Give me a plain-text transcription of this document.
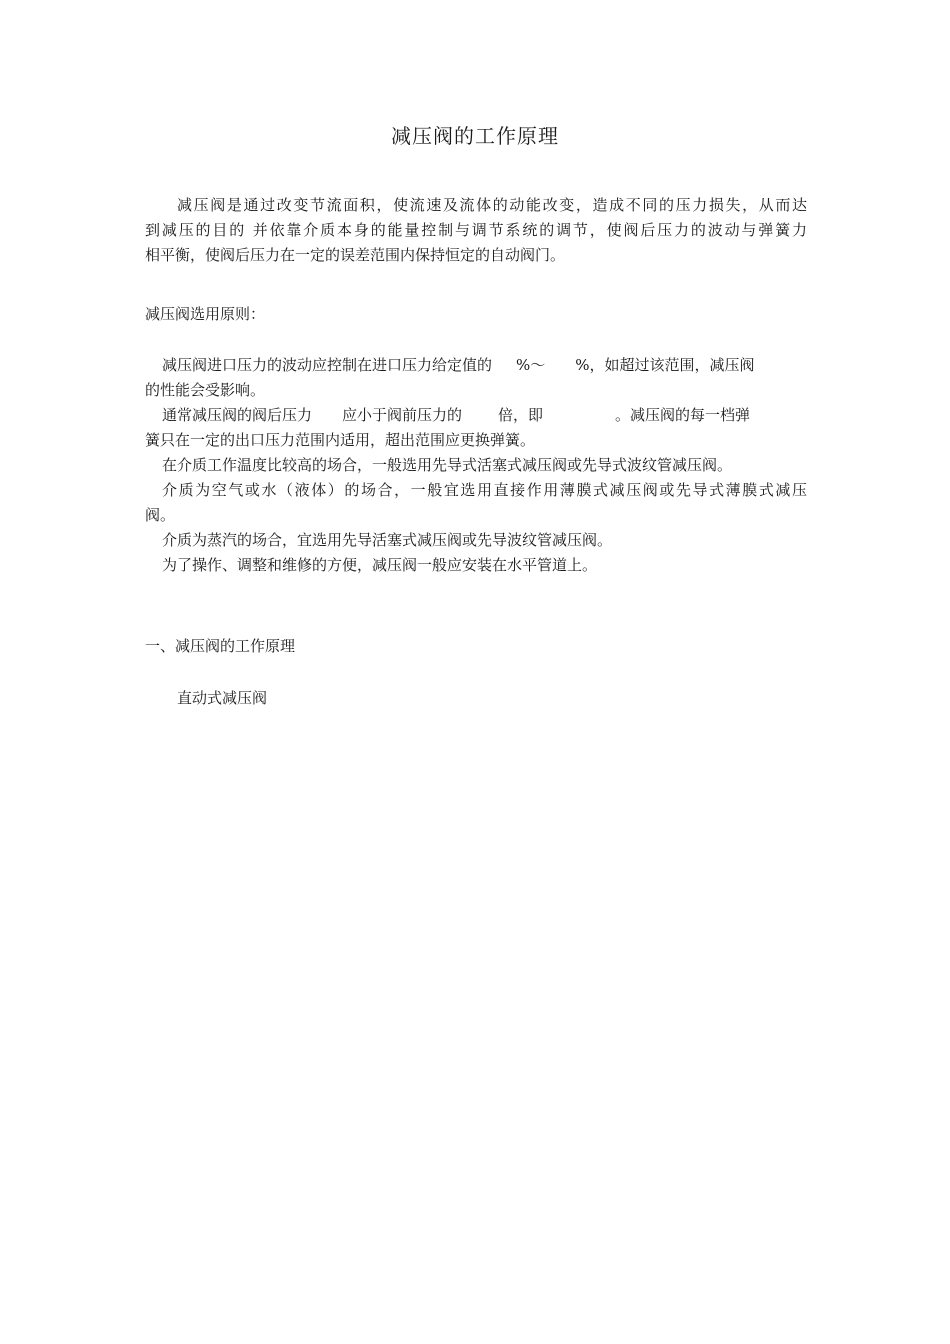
减压阀的工作原理
减压阀是通过改变节流面积，使流速及流体的动能改变，造成不同的压力损失，从而达
到减压的目的 并依靠介质本身的能量控制与调节系统的调节，使阀后压力的波动与弹簧力
相平衡，使阀后压力在一定的误差范围内保持恒定的自动阀门。
减压阀选用原则：
减压阀进口压力的波动应控制在进口压力给定值的 %～ %，如超过该范围，减压阀
的性能会受影响。
通常减压阀的阀后压力 应小于阀前压力的 倍，即	。减压阀的每一档弹
簧只在一定的出口压力范围内适用，超出范围应更换弹簧。
在介质工作温度比较高的场合，一般选用先导式活塞式减压阀或先导式波纹管减压阀。
介质为空气或水（液体）的场合，一般宜选用直接作用薄膜式减压阀或先导式薄膜式减压
阀。
介质为蒸汽的场合，宜选用先导活塞式减压阀或先导波纹管减压阀。
为了操作、调整和维修的方便，减压阀一般应安装在水平管道上。
一、减压阀的工作原理
直动式减压阀
